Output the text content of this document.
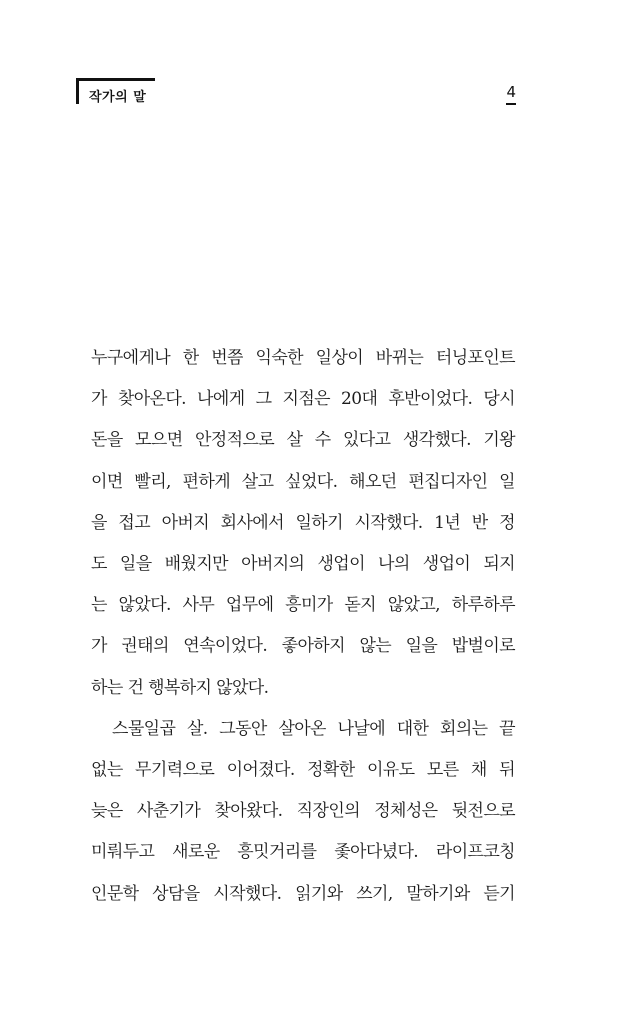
작가의 말	4

누구에게나 한 번쯤 익숙한 일상이 바뀌는 터닝포인트
가 찾아온다. 나에게 그 지점은 20대 후반이었다. 당시
돈을 모으면 안정적으로 살 수 있다고 생각했다. 기왕
이면 빨리, 편하게 살고 싶었다. 해오던 편집디자인 일
을 접고 아버지 회사에서 일하기 시작했다. 1년 반 정
도 일을 배웠지만 아버지의 생업이 나의 생업이 되지
는 않았다. 사무 업무에 흥미가 돋지 않았고, 하루하루
가 권태의 연속이었다. 좋아하지 않는 일을 밥벌이로
하는 건 행복하지 않았다.

스물일곱 살. 그동안 살아온 나날에 대한 회의는 끝
없는 무기력으로 이어졌다. 정확한 이유도 모른 채 뒤
늦은 사춘기가 찾아왔다. 직장인의 정체성은 뒷전으로
미뤄두고 새로운 흥밋거리를 좇아다녔다. 라이프코칭
인문학 상담을 시작했다. 읽기와 쓰기, 말하기와 듣기
